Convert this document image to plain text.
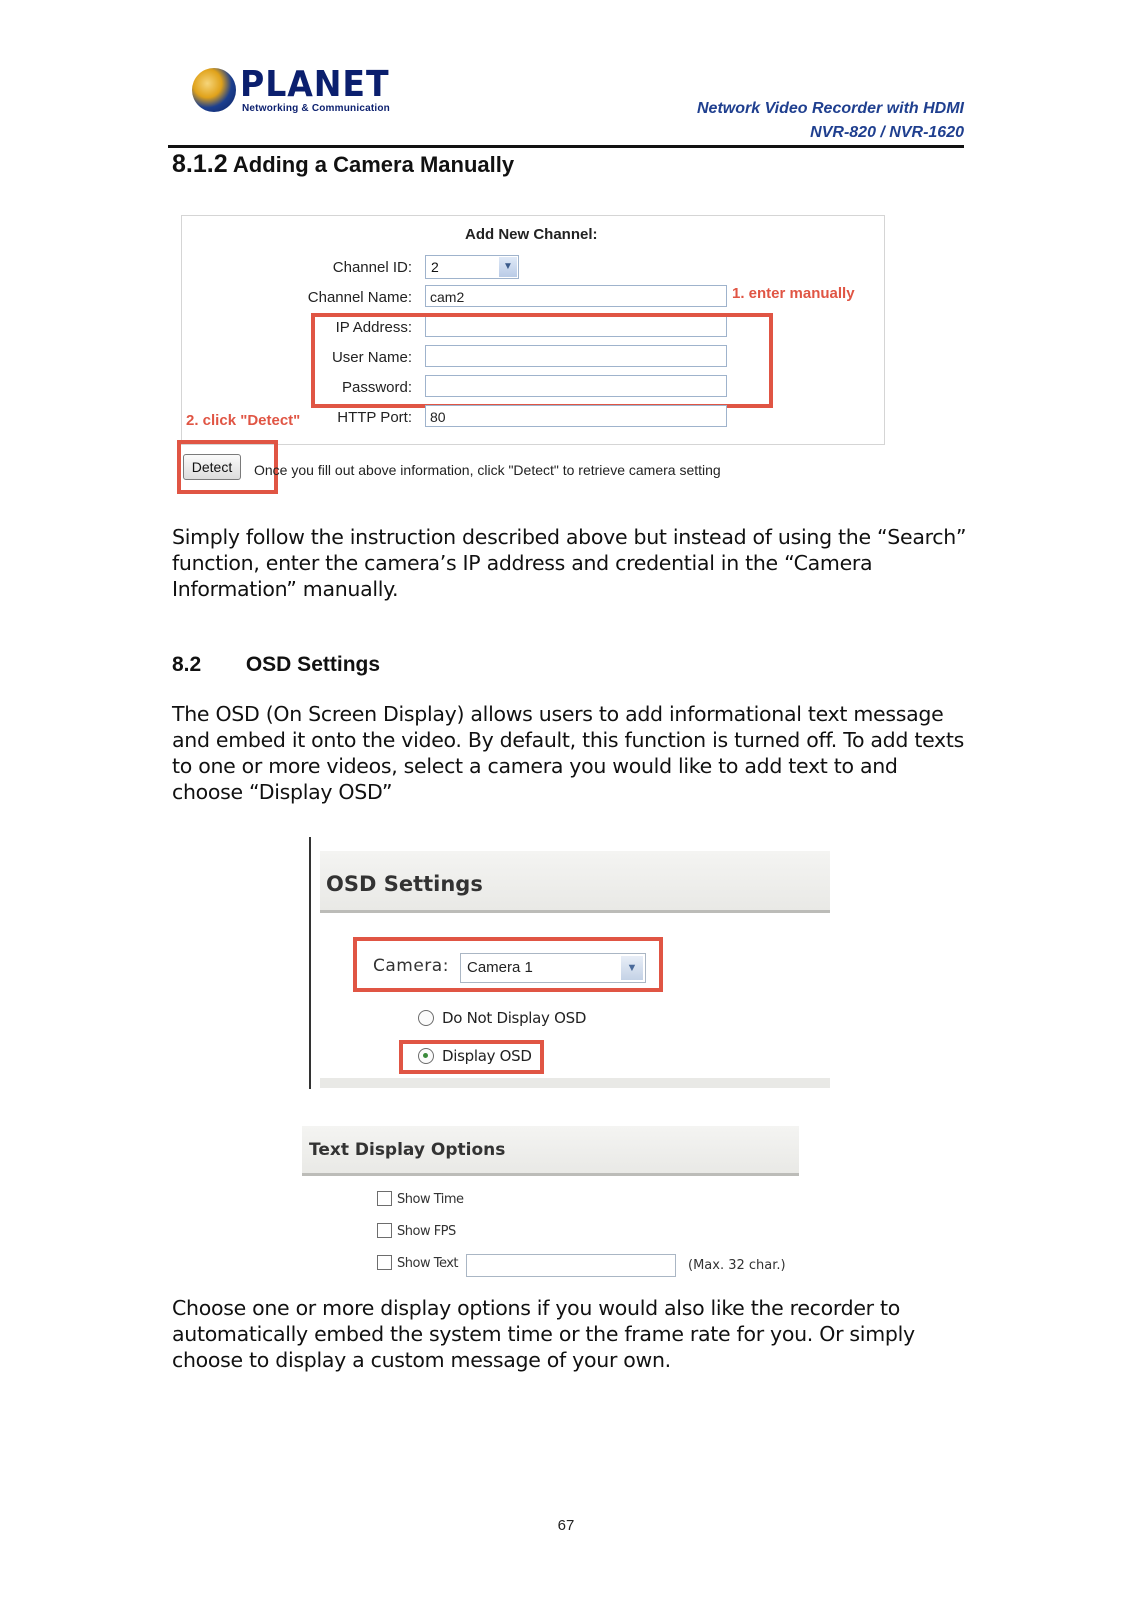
PLANET
Networking & Communication	Network Video Recorder with HDMI
NVR-820 / NVR-1620
8.1.2 Adding a Camera Manually
Add New Channel:
Channel ID:	2	▼
Channel Name:	cam2	1. enter manually
IP Address:
User Name:
Password:
2. click "Detect"	HTTP Port:	80
Detect	Once you fill out above information, click "Detect" to retrieve camera setting
Simply follow the instruction described above but instead of using the “Search” function, enter the camera’s IP address and credential in the “Camera Information” manually.
8.2 OSD Settings
The OSD (On Screen Display) allows users to add informational text message and embed it onto the video. By default, this function is turned off. To add texts to one or more videos, select a camera you would like to add text to and choose “Display OSD”
OSD Settings
Camera:	Camera 1	▼
Do Not Display OSD
Display OSD
Text Display Options
Show Time
Show FPS
Show Text	(Max. 32 char.)
Choose one or more display options if you would also like the recorder to automatically embed the system time or the frame rate for you. Or simply choose to display a custom message of your own.
67
